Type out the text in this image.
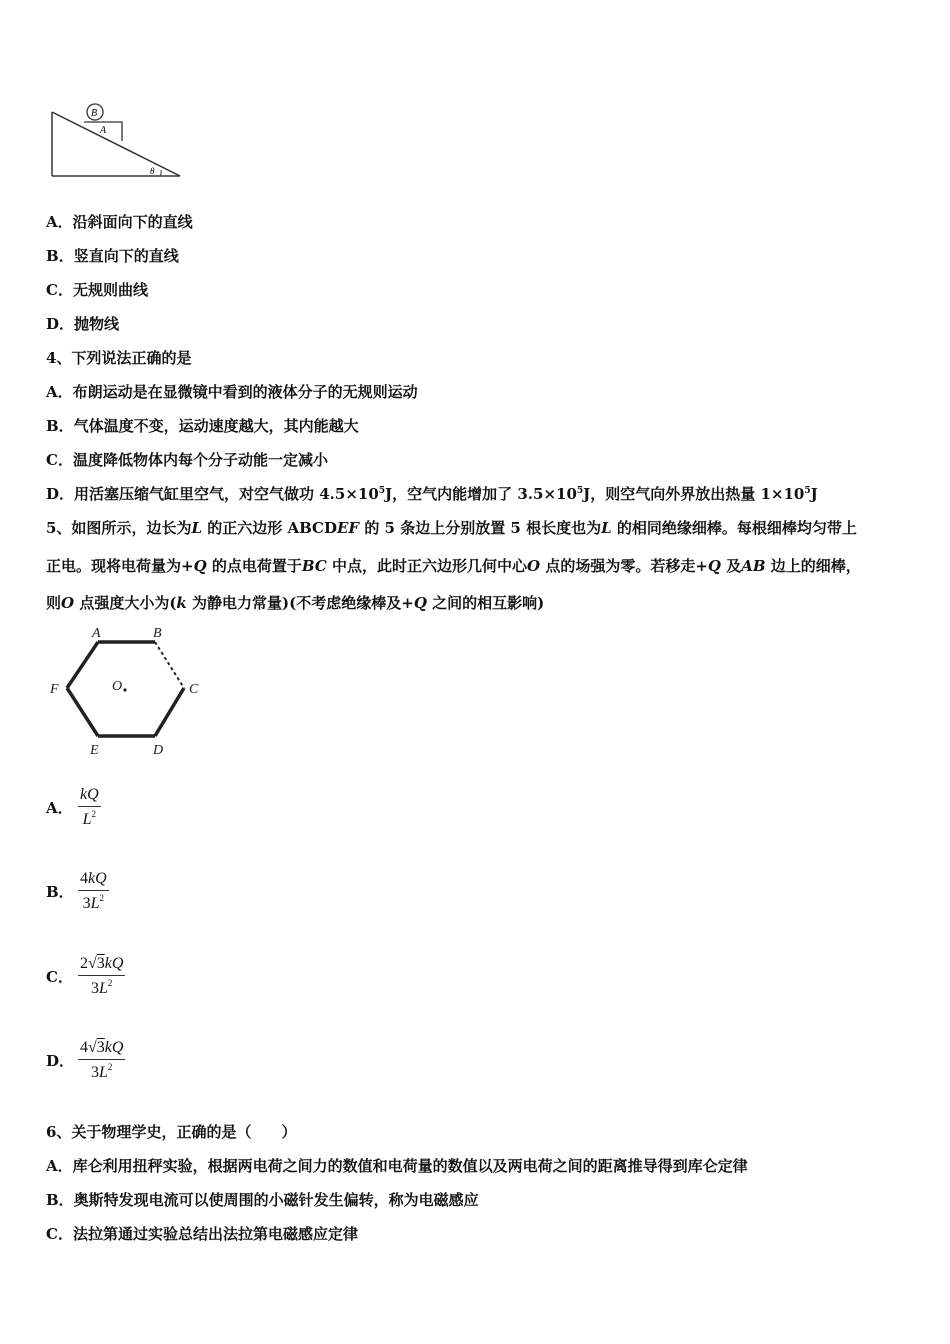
B
A
θ
A．沿斜面向下的直线
B．竖直向下的直线
C．无规则曲线
D．抛物线
4、下列说法正确的是
A．布朗运动是在显微镜中看到的液体分子的无规则运动
B．气体温度不变，运动速度越大，其内能越大
C．温度降低物体内每个分子动能一定减小
D．用活塞压缩气缸里空气，对空气做功 $4.5\times 10^5J$，空气内能增加了 $3.5\times 10^5J$，则空气向外界放出热量 $1\times 10^5J$
5、如图所示，边长为L 的正六边形 ABCDEF 的 5 条边上分别放置 5 根长度也为L 的相同绝缘细棒。每根细棒均匀带上
正电。现将电荷量为+Q 的点电荷置于BC 中点，此时正六边形几何中心O 点的场强为零。若移走+Q 及AB 边上的细棒，
则O 点强度大小为(k 为静电力常量)(不考虑绝缘棒及+Q 之间的相互影响)
A	B
C
D
E
F	O
A． $\frac{kQ}{L^2}$
B． $\frac{4kQ}{3L^2}$
C． $\frac{2√3kQ}{3L^2}$
D． $\frac{4√3kQ}{3L^2}$
6、关于物理学史，正确的是（　　）
A．库仑利用扭秤实验，根据两电荷之间力的数值和电荷量的数值以及两电荷之间的距离推导得到库仑定律
B．奥斯特发现电流可以使周围的小磁针发生偏转，称为电磁感应
C．法拉第通过实验总结出法拉第电磁感应定律
